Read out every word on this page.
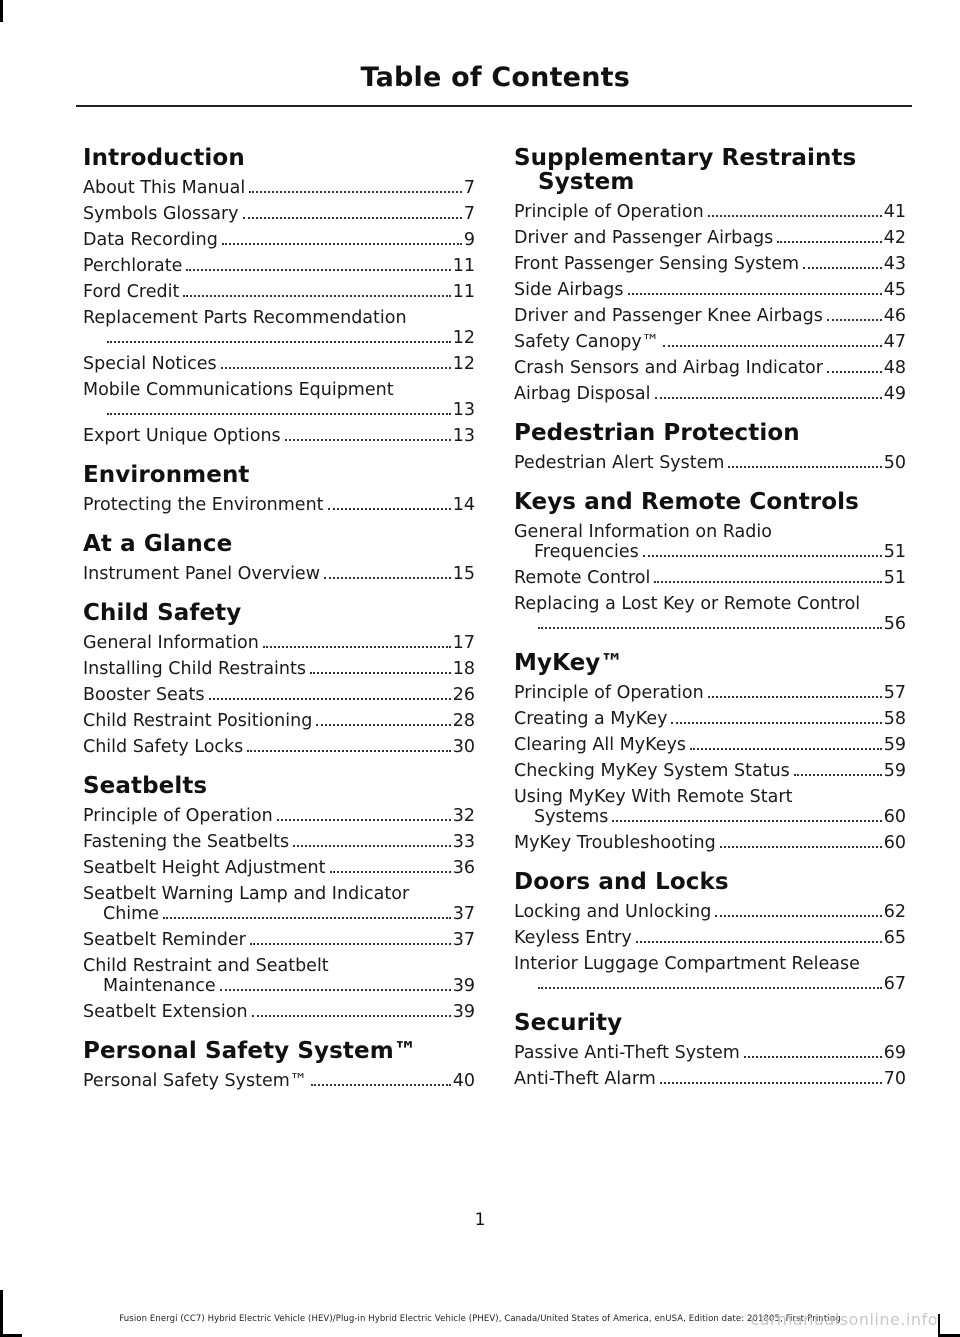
Table of Contents
Introduction
About This Manual	7
Symbols Glossary	7
Data Recording	9
Perchlorate	11
Ford Credit	11
Replacement Parts Recommendation
12
Special Notices	12
Mobile Communications Equipment
13
Export Unique Options	13
Environment
Protecting the Environment	14
At a Glance
Instrument Panel Overview	15
Child Safety
General Information	17
Installing Child Restraints	18
Booster Seats	26
Child Restraint Positioning	28
Child Safety Locks	30
Seatbelts
Principle of Operation	32
Fastening the Seatbelts	33
Seatbelt Height Adjustment	36
Seatbelt Warning Lamp and Indicator
Chime	37
Seatbelt Reminder	37
Child Restraint and Seatbelt
Maintenance	39
Seatbelt Extension	39
Personal Safety System™
Personal Safety System™	40
Supplementary Restraints
System
Principle of Operation	41
Driver and Passenger Airbags	42
Front Passenger Sensing System	43
Side Airbags	45
Driver and Passenger Knee Airbags	46
Safety Canopy™	47
Crash Sensors and Airbag Indicator	48
Airbag Disposal	49
Pedestrian Protection
Pedestrian Alert System	50
Keys and Remote Controls
General Information on Radio
Frequencies	51
Remote Control	51
Replacing a Lost Key or Remote Control
56
MyKey™
Principle of Operation	57
Creating a MyKey	58
Clearing All MyKeys	59
Checking MyKey System Status	59
Using MyKey With Remote Start
Systems	60
MyKey Troubleshooting	60
Doors and Locks
Locking and Unlocking	62
Keyless Entry	65
Interior Luggage Compartment Release
67
Security
Passive Anti-Theft System	69
Anti-Theft Alarm	70
1
Fusion Energi (CC7) Hybrid Electric Vehicle (HEV)/Plug-in Hybrid Electric Vehicle (PHEV), Canada/United States of America, enUSA, Edition date: 201805, First-Printing
carmanualsonline.info
